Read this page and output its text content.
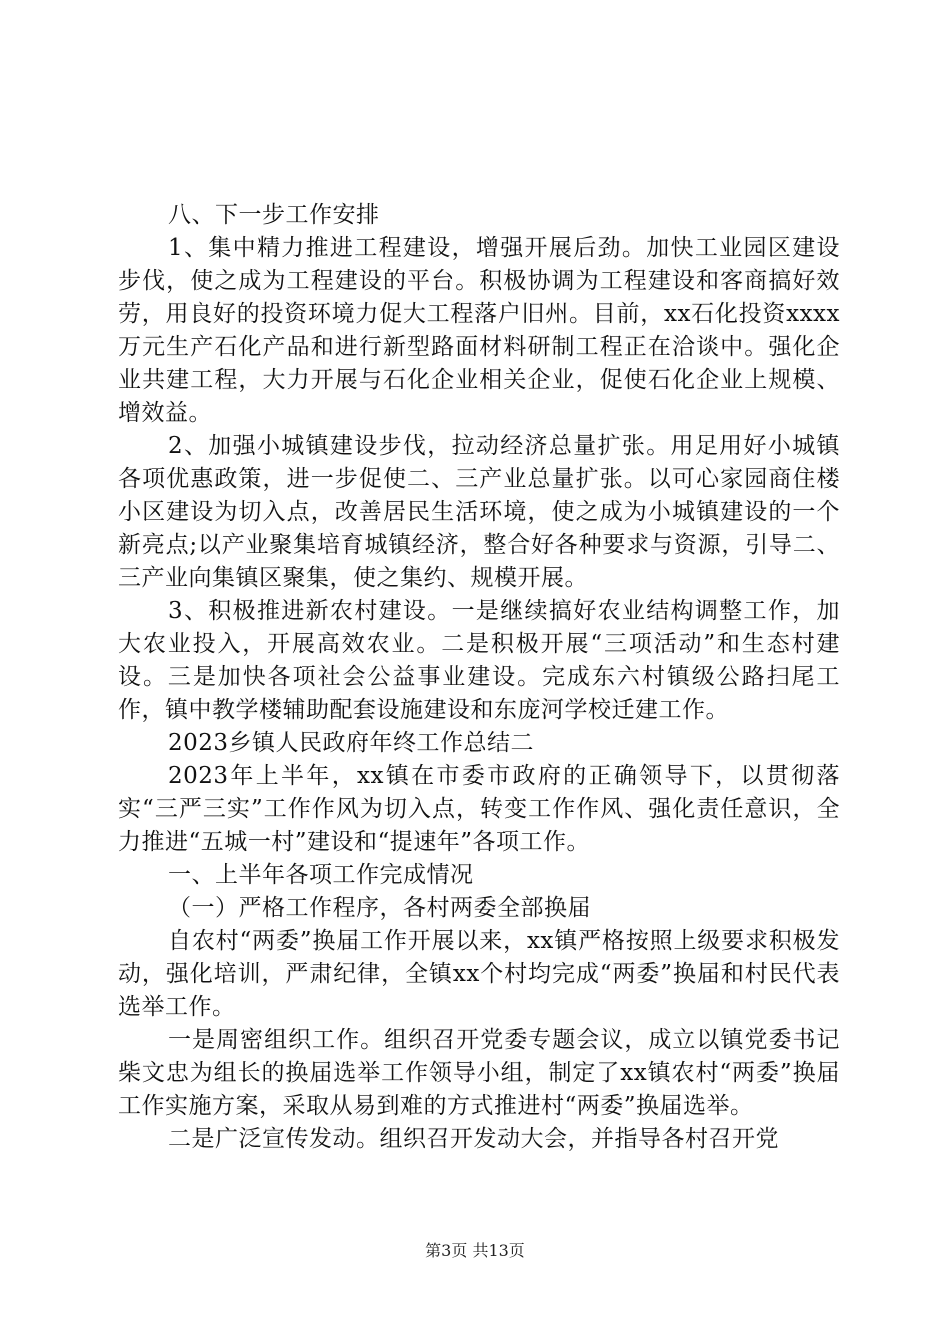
八、下一步工作安排

1、集中精力推进工程建设，增强开展后劲。加快工业园区建设步伐，使之成为工程建设的平台。积极协调为工程建设和客商搞好效劳，用良好的投资环境力促大工程落户旧州。目前，xx石化投资xxxx万元生产石化产品和进行新型路面材料研制工程正在洽谈中。强化企业共建工程，大力开展与石化企业相关企业，促使石化企业上规模、增效益。

2、加强小城镇建设步伐，拉动经济总量扩张。用足用好小城镇各项优惠政策，进一步促使二、三产业总量扩张。以可心家园商住楼小区建设为切入点，改善居民生活环境，使之成为小城镇建设的一个新亮点;以产业聚集培育城镇经济，整合好各种要求与资源，引导二、三产业向集镇区聚集，使之集约、规模开展。

3、积极推进新农村建设。一是继续搞好农业结构调整工作，加大农业投入，开展高效农业。二是积极开展“三项活动”和生态村建设。三是加快各项社会公益事业建设。完成东六村镇级公路扫尾工作，镇中教学楼辅助配套设施建设和东庞河学校迁建工作。

2023乡镇人民政府年终工作总结二

2023年上半年，xx镇在市委市政府的正确领导下，以贯彻落实“三严三实”工作作风为切入点，转变工作作风、强化责任意识，全力推进“五城一村”建设和“提速年”各项工作。

一、上半年各项工作完成情况

（一）严格工作程序，各村两委全部换届

自农村“两委”换届工作开展以来，xx镇严格按照上级要求积极发动，强化培训，严肃纪律，全镇xx个村均完成“两委”换届和村民代表选举工作。

一是周密组织工作。组织召开党委专题会议，成立以镇党委书记柴文忠为组长的换届选举工作领导小组，制定了xx镇农村“两委”换届工作实施方案，采取从易到难的方式推进村“两委”换届选举。

二是广泛宣传发动。组织召开发动大会，并指导各村召开党

第3页 共13页
